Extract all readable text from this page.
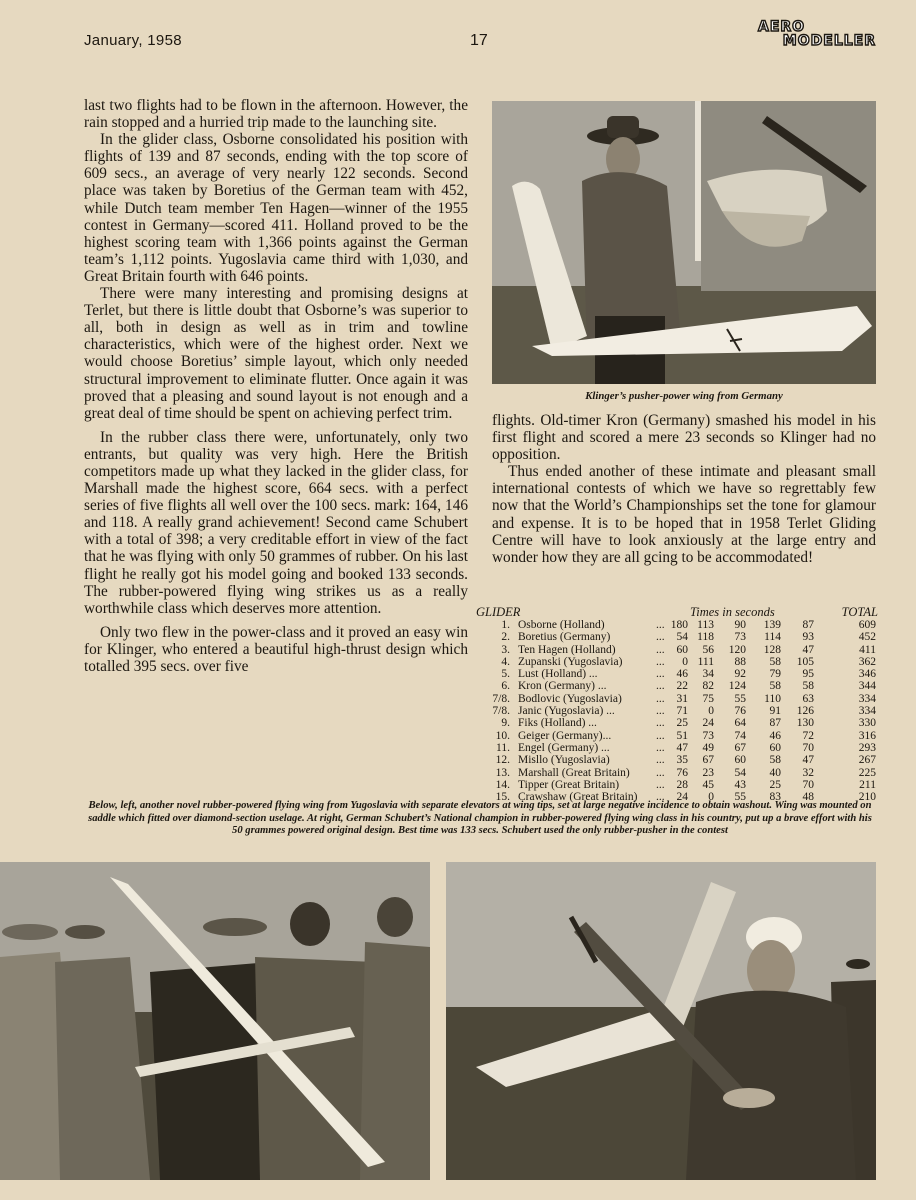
January, 1958	17
AERO
MODELLER

last two flights had to be flown in the afternoon. However, the rain stopped and a hurried trip made to the launching site.

In the glider class, Osborne consolidated his position with flights of 139 and 87 seconds, ending with the top score of 609 secs., an average of very nearly 122 seconds. Second place was taken by Boretius of the German team with 452, while Dutch team member Ten Hagen—winner of the 1955 contest in Germany—scored 411. Holland proved to be the highest scoring team with 1,366 points against the German team’s 1,112 points. Yugoslavia came third with 1,030, and Great Britain fourth with 646 points.

There were many interesting and promising designs at Terlet, but there is little doubt that Osborne’s was superior to all, both in design as well as in trim and towline characteristics, which were of the highest order. Next we would choose Boretius’ simple layout, which only needed structural improvement to eliminate flutter. Once again it was proved that a pleasing and sound layout is not enough and a great deal of time should be spent on achieving perfect trim.

In the rubber class there were, unfortunately, only two entrants, but quality was very high. Here the British competitors made up what they lacked in the glider class, for Marshall made the highest score, 664 secs. with a perfect series of five flights all well over the 100 secs. mark: 164, 146 and 118. A really grand achievement! Second came Schubert with a total of 398; a very creditable effort in view of the fact that he was flying with only 50 grammes of rubber. On his last flight he really got his model going and booked 133 seconds. The rubber-powered flying wing strikes us as a really worthwhile class which deserves more attention.

Only two flew in the power-class and it proved an easy win for Klinger, who entered a beautiful high-thrust design which totalled 395 secs. over five

Klinger’s pusher-power wing from Germany

flights. Old-timer Kron (Germany) smashed his model in his first flight and scored a mere 23 seconds so Klinger had no opposition.

Thus ended another of these intimate and pleasant small international contests of which we have so regrettably few now that the World’s Championships set the tone for glamour and expense. It is to be hoped that in 1958 Terlet Gliding Centre will have to look anxiously at the large entry and wonder how they are all gcing to be accommodated!

GLIDER	Times in seconds	TOTAL
1. Osborne (Holland)	... 180 113	90	139	87	609
2. Boretius (Germany)	...	54 118	73	114	93	452
3. Ten Hagen (Holland)	...	60	56	120	128	47	411
4. Zupanski (Yugoslavia)	...	0 111	88	58	105	362
5. Lust (Holland) ...	...	46	34	92	79	95	346
6. Kron (Germany) ...	...	22	82	124	58	58	344
7/8. Bodlovic (Yugoslavia)	...	31	75	55	110	63	334
7/8. Janic (Yugoslavia) ...	...	71	0	76	91	126	334
9. Fiks (Holland) ...	...	25	24	64	87	130	330
10. Geiger (Germany)...	...	51	73	74	46	72	316
11. Engel (Germany) ...	...	47	49	67	60	70	293
12. Misllo (Yugoslavia)	...	35	67	60	58	47	267
13. Marshall (Great Britain) ...	76	23	54	40	32	225
14. Tipper (Great Britain)	...	28	45	43	25	70	211
15. Crawshaw (Great Britain) ...	24	0	55	83	48	210
Below, left, another novel rubber-powered flying wing from Yugoslavia with separate elevators at wing tips, set at large negative incidence to obtain washout. Wing was mounted on saddle which fitted over diamond-section uselage. At right, German Schubert’s National champion in rubber-powered flying wing class in his country, put up a brave effort with his 50 grammes powered original design. Best time was 133 secs. Schubert used the only rubber-pusher in the contest
